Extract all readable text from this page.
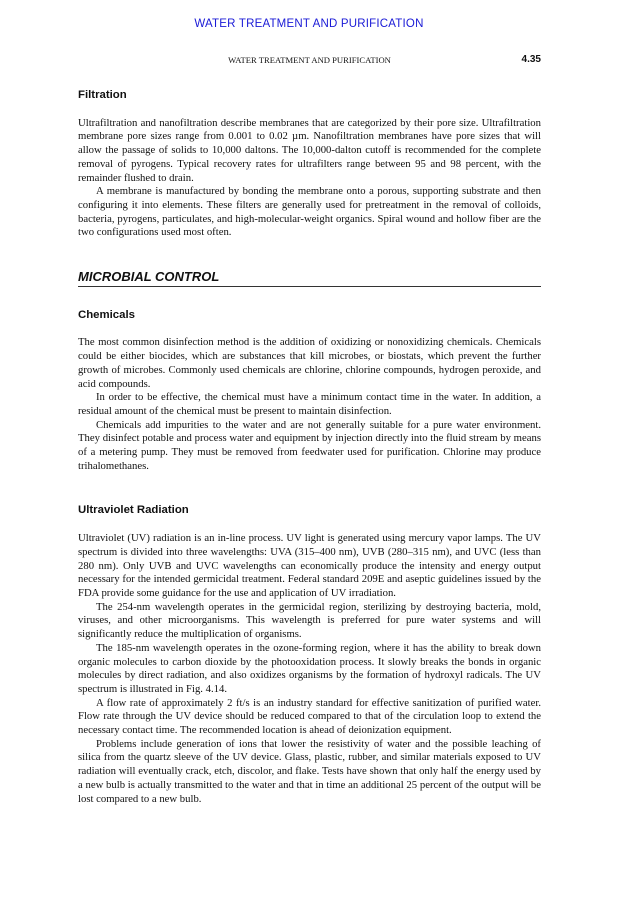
WATER TREATMENT AND PURIFICATION
WATER TREATMENT AND PURIFICATION	4.35
Filtration

Ultrafiltration and nanofiltration describe membranes that are categorized by their pore size. Ultrafiltration membrane pore sizes range from 0.001 to 0.02 µm. Nanofiltration membranes have pore sizes that will allow the passage of solids to 10,000 daltons. The 10,000-dalton cutoff is recommended for the complete removal of pyrogens. Typical recovery rates for ultrafilters range between 95 and 98 percent, with the remainder flushed to drain.

A membrane is manufactured by bonding the membrane onto a porous, supporting substrate and then configuring it into elements. These filters are generally used for pretreatment in the removal of colloids, bacteria, pyrogens, particulates, and high-molecular-weight organics. Spiral wound and hollow fiber are the two configurations used most often.

MICROBIAL CONTROL
Chemicals

The most common disinfection method is the addition of oxidizing or nonoxidizing chemicals. Chemicals could be either biocides, which are substances that kill microbes, or biostats, which prevent the further growth of microbes. Commonly used chemicals are chlorine, chlorine compounds, hydrogen peroxide, and acid compounds.

In order to be effective, the chemical must have a minimum contact time in the water. In addition, a residual amount of the chemical must be present to maintain disinfection.

Chemicals add impurities to the water and are not generally suitable for a pure water environment. They disinfect potable and process water and equipment by injection directly into the fluid stream by means of a metering pump. They must be removed from feedwater used for purification. Chlorine may produce trihalomethanes.

Ultraviolet Radiation

Ultraviolet (UV) radiation is an in-line process. UV light is generated using mercury vapor lamps. The UV spectrum is divided into three wavelengths: UVA (315–400 nm), UVB (280–315 nm), and UVC (less than 280 nm). Only UVB and UVC wavelengths can economically produce the intensity and energy output necessary for the intended germicidal treatment. Federal standard 209E and aseptic guidelines issued by the FDA provide some guidance for the use and application of UV irradiation.

The 254-nm wavelength operates in the germicidal region, sterilizing by destroying bacteria, mold, viruses, and other microorganisms. This wavelength is preferred for pure water systems and will significantly reduce the multiplication of organisms.

The 185-nm wavelength operates in the ozone-forming region, where it has the ability to break down organic molecules to carbon dioxide by the photooxidation process. It slowly breaks the bonds in organic molecules by direct radiation, and also oxidizes organisms by the formation of hydroxyl radicals. The UV spectrum is illustrated in Fig. 4.14.

A flow rate of approximately 2 ft/s is an industry standard for effective sanitization of purified water. Flow rate through the UV device should be reduced compared to that of the circulation loop to extend the necessary contact time. The recommended location is ahead of deionization equipment.

Problems include generation of ions that lower the resistivity of water and the possible leaching of silica from the quartz sleeve of the UV device. Glass, plastic, rubber, and similar materials exposed to UV radiation will eventually crack, etch, discolor, and flake. Tests have shown that only half the energy used by a new bulb is actually transmitted to the water and that in time an additional 25 percent of the output will be lost compared to a new bulb.
